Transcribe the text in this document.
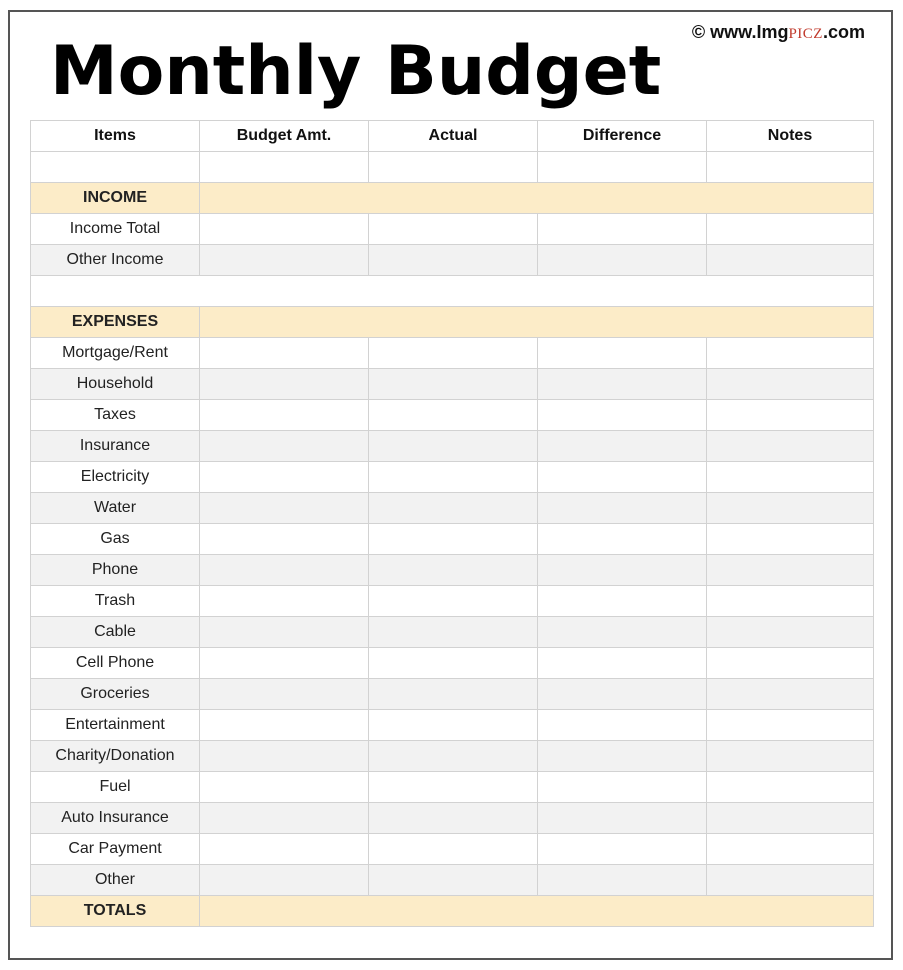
© www.ImgPICZ.com
Monthly Budget
Items	Budget Amt.	Actual	Difference	Notes

INCOME				
Income Total				
Other Income				

EXPENSES				
Mortgage/Rent				
Household				
Taxes				
Insurance				
Electricity				
Water				
Gas				
Phone				
Trash				
Cable				
Cell Phone				
Groceries				
Entertainment				
Charity/Donation				
Fuel				
Auto Insurance				
Car Payment				
Other				
TOTALS				
